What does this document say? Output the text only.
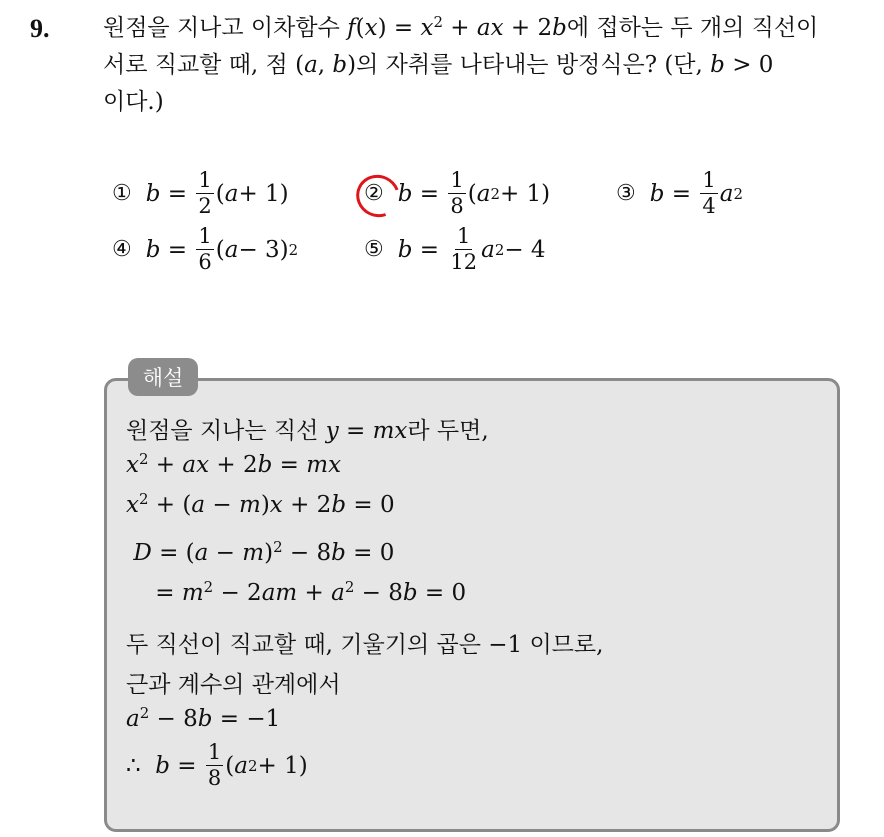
9. 원점을 지나고 이차함수 $f(x) = x^2$ + ax + 2b에 접하는 두 개의 직선이
서로 직교할 때, 점 (a, b)의 자취를 나타내는 방정식은? (단, b > 0
이다.)
① $b = \frac{1}{2}$ ( a + 1)	② $b = \frac{1}{8}$ ( a 2 + 1)	③ $b = \frac{1}{4}$ a 2
④ $b = \frac{1}{6}$ ( a − 3) 2	⑤ $b = \frac{1}{12}$ a 2 − 4
해설
원점을 지나는 직선 y = mx라 두면,
$x^2$ + ax + 2b = mx
$x^2 + (a - m)x + 2b = 0$
$D = (a - m)^2 - 8b = 0$
= $m^2 - 2am + a^2 - 8b = 0$
두 직선이 직교할 때, 기울기의 곱은 −1 이므로,
근과 계수의 관계에서
$a^2 - 8b = -1$
∴ $b = \frac{1}{8}$ ( a 2 + 1)
